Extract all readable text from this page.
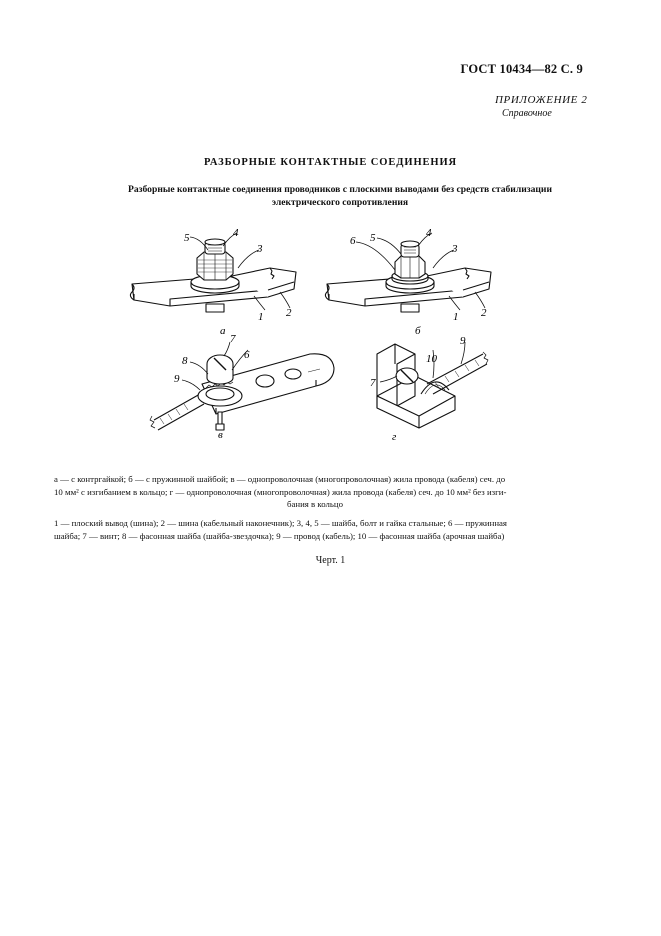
ГОСТ 10434—82 С. 9
ПРИЛОЖЕНИЕ 2
Справочное
РАЗБОРНЫЕ КОНТАКТНЫЕ СОЕДИНЕНИЯ
Разборные контактные соединения проводников с плоскими выводами без средств стабилизации
электрического сопротивления
а	б
в	г
5	4
3
1 2
6 5	4
3
1 2
7
6
8
9	7
10
9
а — с контргайкой; б — с пружинной шайбой; в — однопроволочная (многопроволочная) жила провода (кабеля) сеч. до
10 мм² с изгибанием в кольцо; г — однопроволочная (многопроволочная) жила провода (кабеля) сеч. до 10 мм² без изги-
бания в кольцо
1 — плоский вывод (шина); 2 — шина (кабельный наконечник); 3, 4, 5 — шайба, болт и гайка стальные; 6 — пружинная
шайба; 7 — винт; 8 — фасонная шайба (шайба-звездочка); 9 — провод (кабель); 10 — фасонная шайба (арочная шайба)
Черт. 1
